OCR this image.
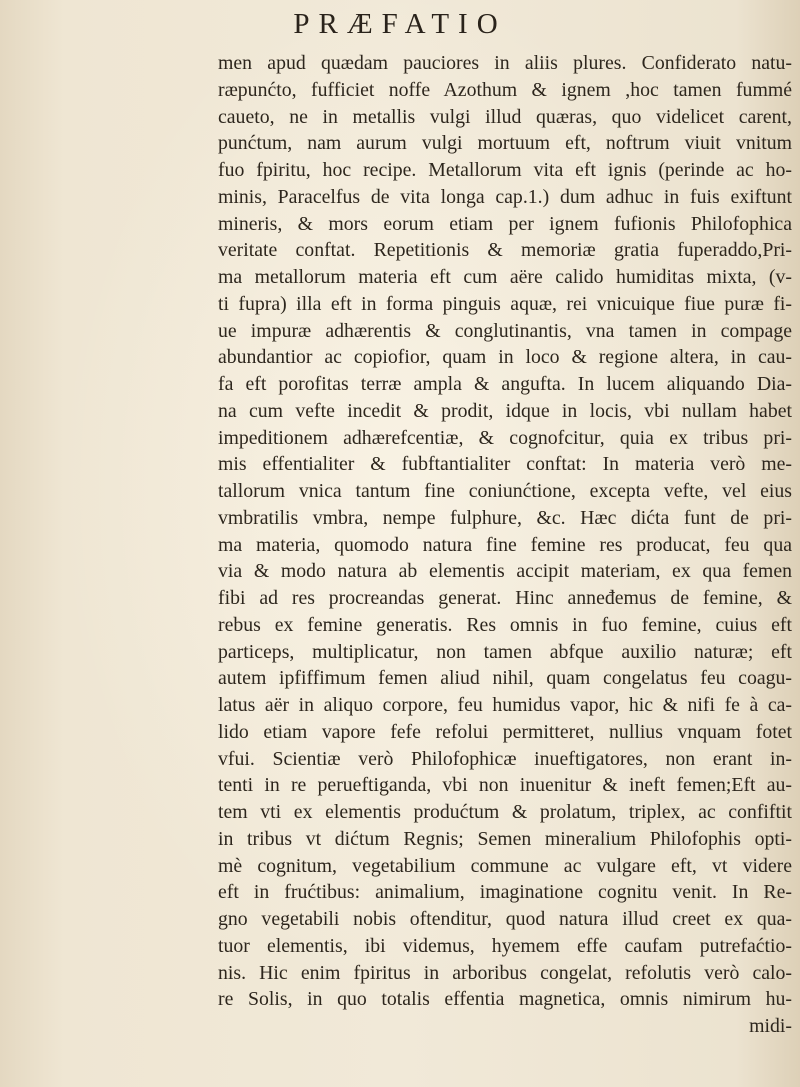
PRÆFATIO
men apud quædam pauciores in aliis plures. Confiderato natu-
ræpunćto, fufficiet noffe Azothum & ignem ,hoc tamen fummé
caueto, ne in metallis vulgi illud quæras, quo videlicet carent,
punćtum, nam aurum vulgi mortuum eft, noftrum viuit vnitum
fuo fpiritu, hoc recipe. Metallorum vita eft ignis (perinde ac ho-
minis, Paracelfus de vita longa cap.1.) dum adhuc in fuis exiftunt
mineris, & mors eorum etiam per ignem fufionis Philofophica
veritate conftat. Repetitionis & memoriæ gratia fuperaddo,Pri-
ma metallorum materia eft cum aëre calido humiditas mixta, (v-
ti fupra) illa eft in forma pinguis aquæ, rei vnicuique fiue puræ fi-
ue impuræ adhærentis & conglutinantis, vna tamen in compage
abundantior ac copiofior, quam in loco & regione altera, in cau-
fa eft porofitas terræ ampla & angufta. In lucem aliquando Dia-
na cum vefte incedit & prodit, idque in locis, vbi nullam habet
impeditionem adhærefcentiæ, & cognofcitur, quia ex tribus pri-
mis effentialiter & fubftantialiter conftat: In materia verò me-
tallorum vnica tantum fine coniunćtione, excepta vefte, vel eius
vmbratilis vmbra, nempe fulphure, &c. Hæc dićta funt de pri-
ma materia, quomodo natura fine femine res producat, feu qua
via & modo natura ab elementis accipit materiam, ex qua femen
fibi ad res procreandas generat. Hinc anneđemus de femine, &
rebus ex femine generatis. Res omnis in fuo femine, cuius eft
particeps, multiplicatur, non tamen abfque auxilio naturæ; eft
autem ipfiffimum femen aliud nihil, quam congelatus feu coagu-
latus aër in aliquo corpore, feu humidus vapor, hic & nifi fe à ca-
lido etiam vapore fefe refolui permitteret, nullius vnquam fotet
vfui. Scientiæ verò Philofophicæ inueftigatores, non erant in-
tenti in re perueftiganda, vbi non inuenitur & ineft femen;Eft au-
tem vti ex elementis produćtum & prolatum, triplex, ac confiftit
in tribus vt dićtum Regnis; Semen mineralium Philofophis opti-
mè cognitum, vegetabilium commune ac vulgare eft, vt videre
eft in frućtibus: animalium, imaginatione cognitu venit. In Re-
gno vegetabili nobis oftenditur, quod natura illud creet ex qua-
tuor elementis, ibi videmus, hyemem effe caufam putrefaćtio-
nis. Hic enim fpiritus in arboribus congelat, refolutis verò calo-
re Solis, in quo totalis effentia magnetica, omnis nimirum hu-
midi-
